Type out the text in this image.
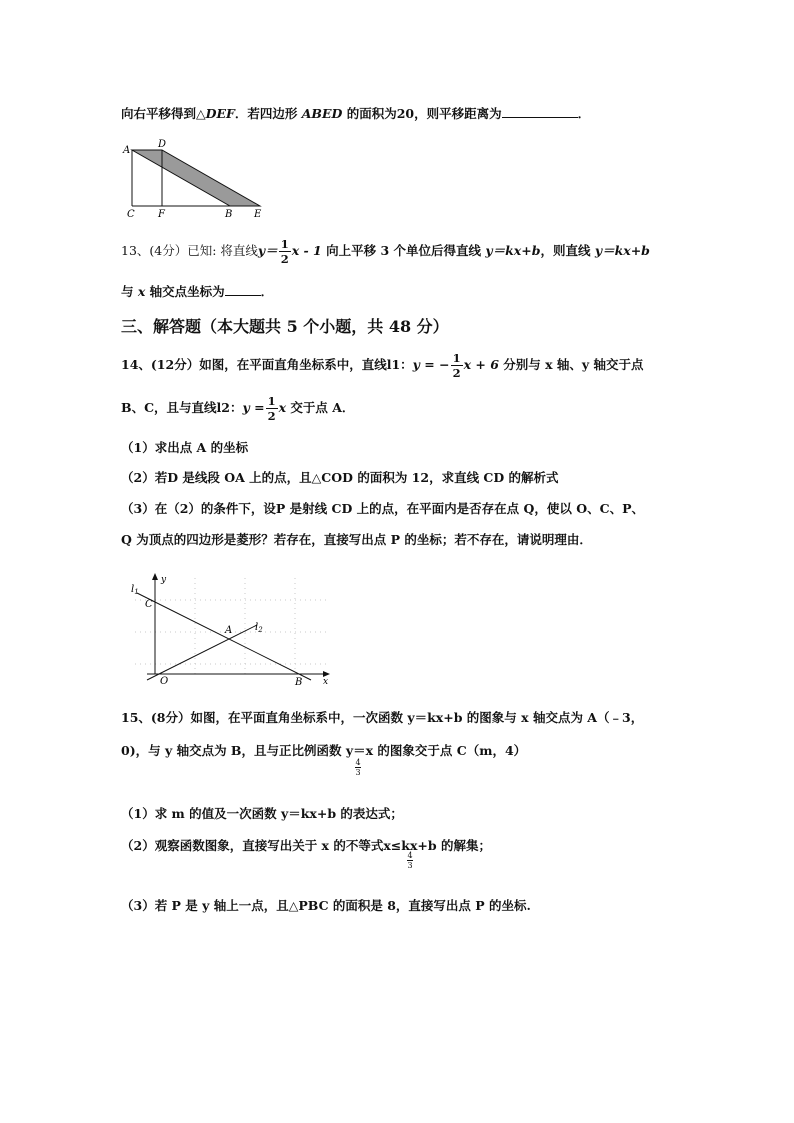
向右平移得到△DEF．若四边形 ABED 的面积为20，则平移距离为	．
A
D
C F	B E
13、(4分）已知: 将直线$y= \frac{1}{2}$ x - 1 向上平移 3 个单位后得直线 y＝kx+b，则直线 y＝kx+b
与 x 轴交点坐标为	．
三、解答题（本大题共 5 个小题，共 48 分）
14、(12分）如图，在平面直角坐标系中，直线l1：y = − $\frac{1}{2}$ x + 6 分别与 x 轴、y 轴交于点
B、C，且与直线l2：$y = \frac{1}{2}$ x 交于点 A．
（1）求出点 A 的坐标
（2）若D 是线段 OA 上的点，且△COD 的面积为 12，求直线 CD 的解析式
（3）在（2）的条件下，设P 是射线 CD 上的点，在平面内是否存在点 Q，使以 O、C、P、
Q 为顶点的四边形是菱形？若存在，直接写出点 P 的坐标；若不存在，请说明理由．
y
x
$l_1$
$l_2$
C
A
O	B
15、(8分）如图，在平面直角坐标系中，一次函数 y＝kx+b 的图象与 x 轴交点为 A（﹣3，
0)，与 y 轴交点为 B，且与正比例函数 y＝x 的图象交于点 C（m，4）
4
3
（1）求 m 的值及一次函数 y＝kx+b 的表达式；
（2）观察函数图象，直接写出关于 x 的不等式x≤kx+b 的解集；
4
3
（3）若 P 是 y 轴上一点，且△PBC 的面积是 8，直接写出点 P 的坐标.
